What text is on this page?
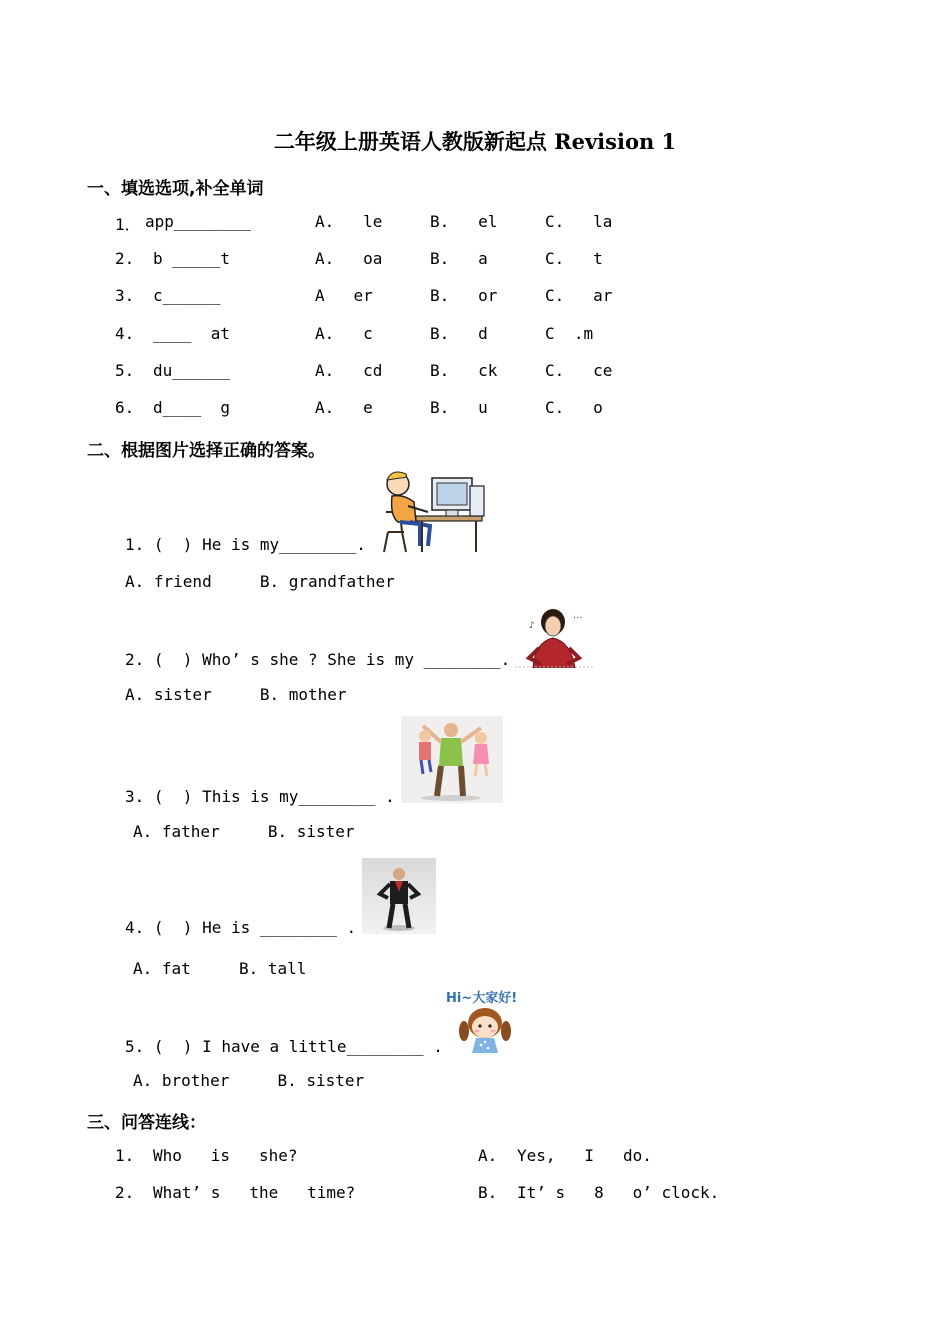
二年级上册英语人教版新起点 Revision 1
一、填选选项,补全单词
1． app________	A.   le	B.   el	C.   la
2. b _____t	A.   oa	B.   a	C.   t
3. c______	A   er	B.   or	C.   ar
4. ____  at	A.   c	B.   d	C  .m
5. du______	A.   cd	B.   ck	C.   ce
6. d____  g	A.   e	B.   u	C.   o
二、根据图片选择正确的答案。
1. (  ) He is my________.
A. friend     B. grandfather
...
♪
2. (  ) Who’ s she ? She is my ________.
A. sister     B. mother
3. (  ) This is my________ .
A. father     B. sister
4. (  ) He is ________ .
A. fat     B. tall
Hi~大家好!
5. (  ) I have a little________ .
A. brother     B. sister
三、问答连线：
1. Who   is   she?	A. Yes,   I   do.
2. What’ s   the   time?	B. It’ s   8   o’ clock.
